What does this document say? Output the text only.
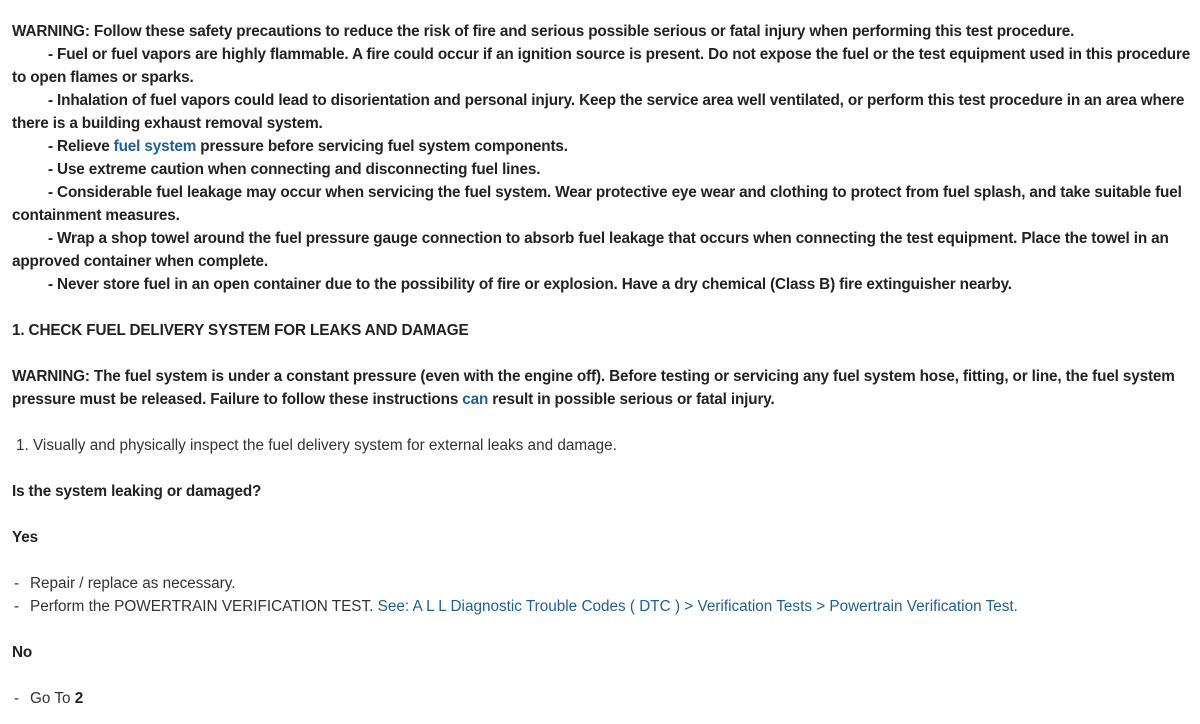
WARNING: Follow these safety precautions to reduce the risk of fire and serious possible serious or fatal injury when performing this test procedure.

- Fuel or fuel vapors are highly flammable. A fire could occur if an ignition source is present. Do not expose the fuel or the test equipment used in this procedure to open flames or sparks.
- Inhalation of fuel vapors could lead to disorientation and personal injury. Keep the service area well ventilated, or perform this test procedure in an area where there is a building exhaust removal system.
- Relieve fuel system pressure before servicing fuel system components.
- Use extreme caution when connecting and disconnecting fuel lines.
- Considerable fuel leakage may occur when servicing the fuel system. Wear protective eye wear and clothing to protect from fuel splash, and take suitable fuel containment measures.
- Wrap a shop towel around the fuel pressure gauge connection to absorb fuel leakage that occurs when connecting the test equipment. Place the towel in an approved container when complete.
- Never store fuel in an open container due to the possibility of fire or explosion. Have a dry chemical (Class B) fire extinguisher nearby.

1. CHECK FUEL DELIVERY SYSTEM FOR LEAKS AND DAMAGE

WARNING: The fuel system is under a constant pressure (even with the engine off). Before testing or servicing any fuel system hose, fitting, or line, the fuel system pressure must be released. Failure to follow these instructions can result in possible serious or fatal injury.

1. Visually and physically inspect the fuel delivery system for external leaks and damage.

Is the system leaking or damaged?

Yes

- Repair / replace as necessary.
- Perform the POWERTRAIN VERIFICATION TEST. See: A L L Diagnostic Trouble Codes ( DTC ) > Verification Tests > Powertrain Verification Test.

No

- Go To 2
